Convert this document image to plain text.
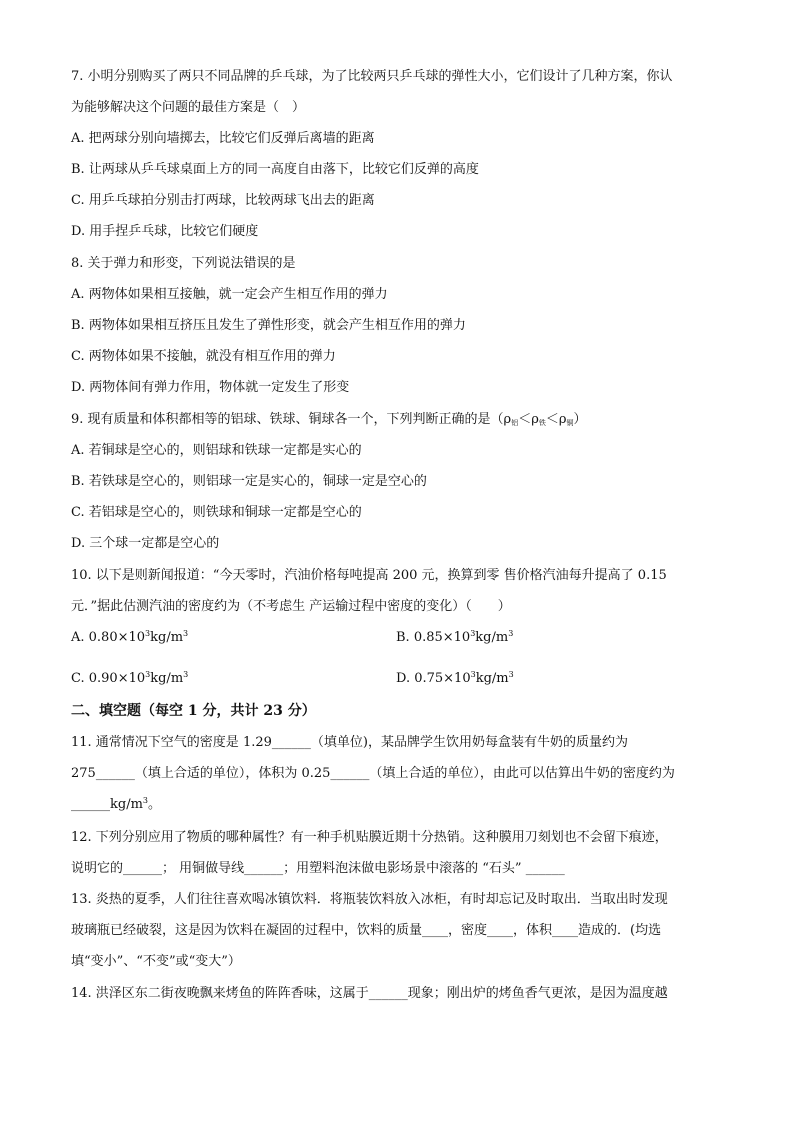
7. 小明分别购买了两只不同品牌的乒乓球，为了比较两只乒乓球的弹性大小，它们设计了几种方案，你认
为能够解决这个问题的最佳方案是（　）
A. 把两球分别向墙掷去，比较它们反弹后离墙的距离
B. 让两球从乒乓球桌面上方的同一高度自由落下，比较它们反弹的高度
C. 用乒乓球拍分别击打两球，比较两球飞出去的距离
D. 用手捏乒乓球，比较它们硬度
8. 关于弹力和形变，下列说法错误的是
A. 两物体如果相互接触，就一定会产生相互作用的弹力
B. 两物体如果相互挤压且发生了弹性形变，就会产生相互作用的弹力
C. 两物体如果不接触，就没有相互作用的弹力
D. 两物体间有弹力作用，物体就一定发生了形变
9. 现有质量和体积都相等的铝球、铁球、铜球各一个，下列判断正确的是（ρ铝＜ρ铁＜ρ铜）
A. 若铜球是空心的，则铝球和铁球一定都是实心的
B. 若铁球是空心的，则铝球一定是实心的，铜球一定是空心的
C. 若铝球是空心的，则铁球和铜球一定都是空心的
D. 三个球一定都是空心的
10. 以下是则新闻报道：“今天零时，汽油价格每吨提高 200 元，换算到零 售价格汽油每升提高了 0.15
元．”据此估测汽油的密度约为（不考虑生 产运输过程中密度的变化）（　　）
A. $0.80\times 10^3kg/m^3$	B. $0.85\times 10^3kg/m^3$
C. $0.90\times 10^3kg/m^3$	D. $0.75\times 10^3kg/m^3$
二、填空题（每空 1 分，共计 23 分）
11. 通常情况下空气的密度是 1.29______（填单位)，某品牌学生饮用奶每盒装有牛奶的质量约为
275______（填上合适的单位），体积为 0.25______（填上合适的单位），由此可以估算出牛奶的密度约为
$\_\_\_\_\_\_kg/m^3$。
12. 下列分别应用了物质的哪种属性？有一种手机贴膜近期十分热销。这种膜用刀刻划也不会留下痕迹，
说明它的______； 用铜做导线______；用塑料泡沫做电影场景中滚落的 “石头” ______
13. 炎热的夏季，人们往往喜欢喝冰镇饮料．将瓶装饮料放入冰柜，有时却忘记及时取出．当取出时发现
玻璃瓶已经破裂，这是因为饮料在凝固的过程中，饮料的质量____，密度____，体积____造成的．(均选
填“变小”、“不变”或“变大”）
14. 洪泽区东二街夜晚飘来烤鱼的阵阵香味，这属于______现象；刚出炉的烤鱼香气更浓，是因为温度越
